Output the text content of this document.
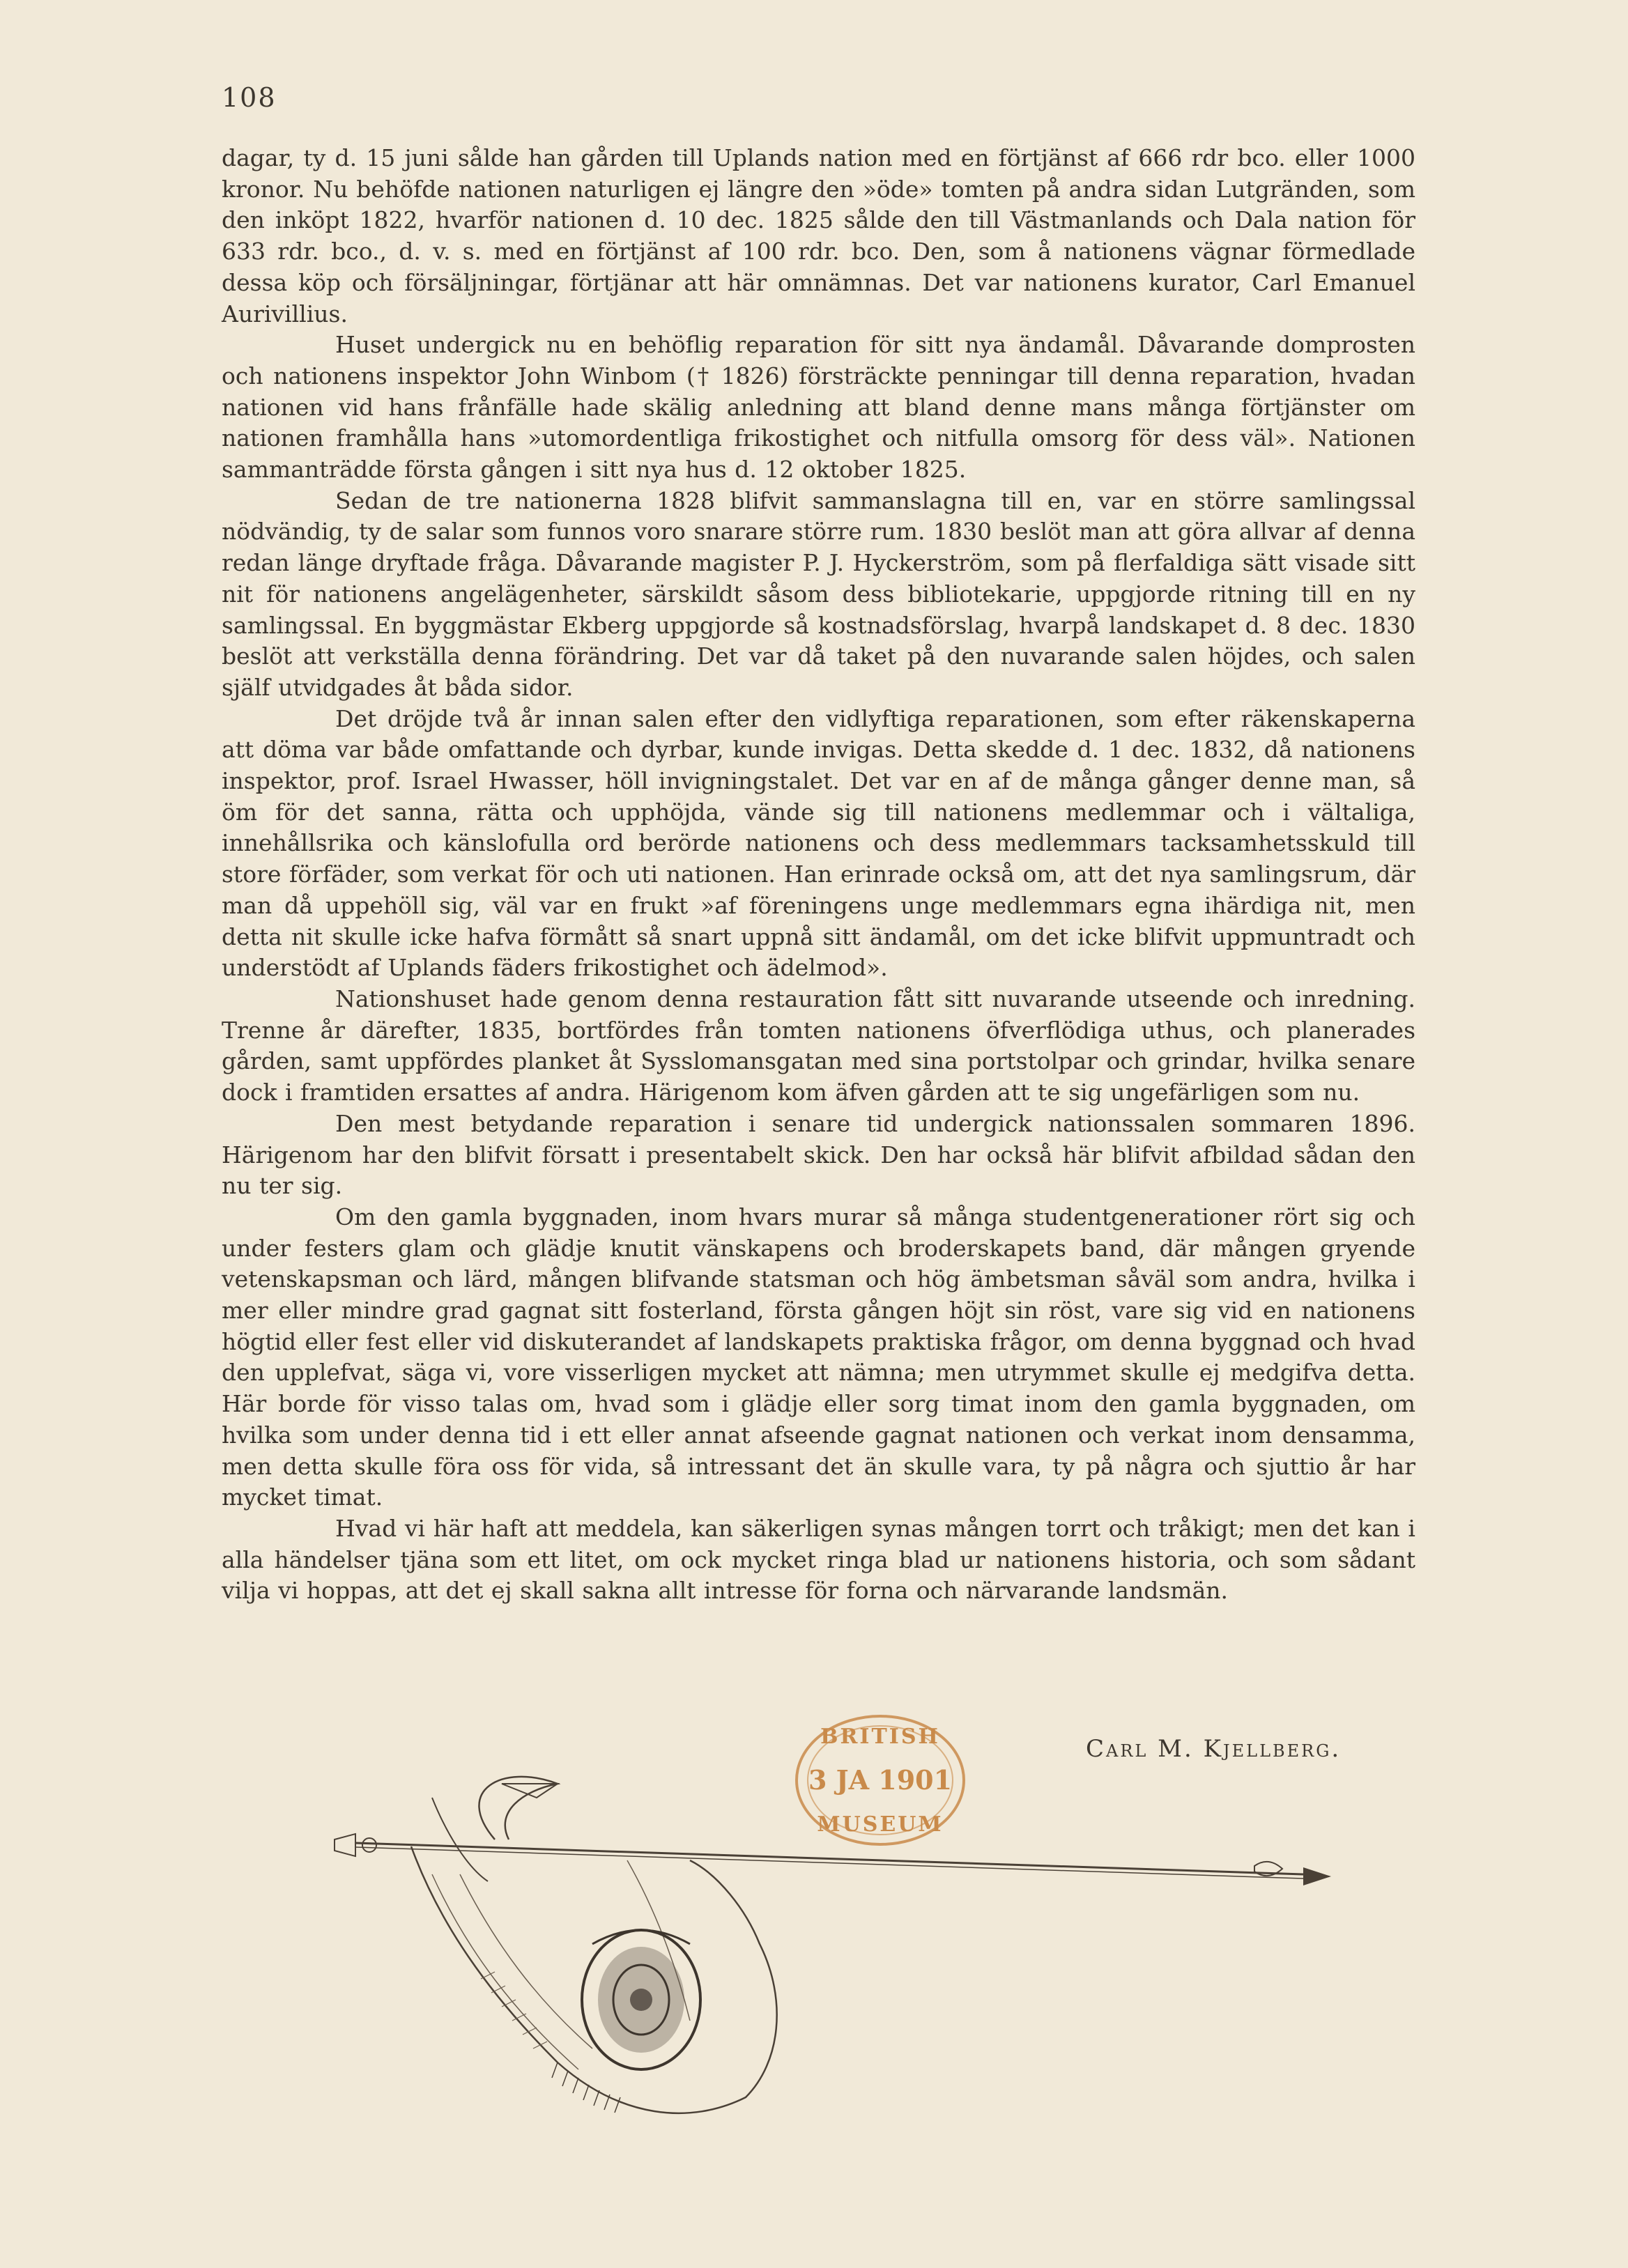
108

dagar, ty d. 15 juni sålde han gården till Uplands nation med en förtjänst af 666 rdr bco. eller 1000 kronor. Nu behöfde nationen naturligen ej längre den »öde» tomten på andra sidan Lutgränden, som den inköpt 1822, hvarför nationen d. 10 dec. 1825 sålde den till Västmanlands och Dala nation för 633 rdr. bco., d. v. s. med en förtjänst af 100 rdr. bco. Den, som å nationens vägnar förmedlade dessa köp och försäljningar, förtjänar att här omnämnas. Det var nationens kurator, Carl Emanuel Aurivillius.

Huset undergick nu en behöflig reparation för sitt nya ändamål. Dåvarande domprosten och nationens inspektor John Winbom († 1826) försträckte penningar till denna reparation, hvadan nationen vid hans frånfälle hade skälig anledning att bland denne mans många förtjänster om nationen framhålla hans »utomordentliga frikostighet och nitfulla omsorg för dess väl». Nationen sammanträdde första gången i sitt nya hus d. 12 oktober 1825.

Sedan de tre nationerna 1828 blifvit sammanslagna till en, var en större samlingssal nödvändig, ty de salar som funnos voro snarare större rum. 1830 beslöt man att göra allvar af denna redan länge dryftade fråga. Dåvarande magister P. J. Hyckerström, som på flerfaldiga sätt visade sitt nit för nationens angelägenheter, särskildt såsom dess bibliotekarie, uppgjorde ritning till en ny samlingssal. En byggmästar Ekberg uppgjorde så kostnadsförslag, hvarpå landskapet d. 8 dec. 1830 beslöt att verkställa denna förändring. Det var då taket på den nuvarande salen höjdes, och salen själf utvidgades åt båda sidor.

Det dröjde två år innan salen efter den vidlyftiga reparationen, som efter räkenskaperna att döma var både omfattande och dyrbar, kunde invigas. Detta skedde d. 1 dec. 1832, då nationens inspektor, prof. Israel Hwasser, höll invigningstalet. Det var en af de många gånger denne man, så öm för det sanna, rätta och upphöjda, vände sig till nationens medlemmar och i vältaliga, innehållsrika och känslofulla ord berörde nationens och dess medlemmars tacksamhetsskuld till store förfäder, som verkat för och uti nationen. Han erinrade också om, att det nya samlingsrum, där man då uppehöll sig, väl var en frukt »af föreningens unge medlemmars egna ihärdiga nit, men detta nit skulle icke hafva förmått så snart uppnå sitt ändamål, om det icke blifvit uppmuntradt och understödt af Uplands fäders frikostighet och ädelmod».

Nationshuset hade genom denna restauration fått sitt nuvarande utseende och inredning. Trenne år därefter, 1835, bortfördes från tomten nationens öfverflödiga uthus, och planerades gården, samt uppfördes planket åt Sysslomansgatan med sina portstolpar och grindar, hvilka senare dock i framtiden ersattes af andra. Härigenom kom äfven gården att te sig ungefärligen som nu.

Den mest betydande reparation i senare tid undergick nationssalen sommaren 1896. Härigenom har den blifvit försatt i presentabelt skick. Den har också här blifvit afbildad sådan den nu ter sig.

Om den gamla byggnaden, inom hvars murar så många studentgenerationer rört sig och under festers glam och glädje knutit vänskapens och broderskapets band, där mången gryende vetenskapsman och lärd, mången blifvande statsman och hög ämbetsman såväl som andra, hvilka i mer eller mindre grad gagnat sitt fosterland, första gången höjt sin röst, vare sig vid en nationens högtid eller fest eller vid diskuterandet af landskapets praktiska frågor, om denna byggnad och hvad den upplefvat, säga vi, vore visserligen mycket att nämna; men utrymmet skulle ej medgifva detta. Här borde för visso talas om, hvad som i glädje eller sorg timat inom den gamla byggnaden, om hvilka som under denna tid i ett eller annat afseende gagnat nationen och verkat inom densamma, men detta skulle föra oss för vida, så intressant det än skulle vara, ty på några och sjuttio år har mycket timat.

Hvad vi här haft att meddela, kan säkerligen synas mången torrt och tråkigt; men det kan i alla händelser tjäna som ett litet, om ock mycket ringa blad ur nationens historia, och som sådant vilja vi hoppas, att det ej skall sakna allt intresse för forna och närvarande landsmän.

Carl M. Kjellberg.
BRITISH
3 JA 1901
MUSEUM
